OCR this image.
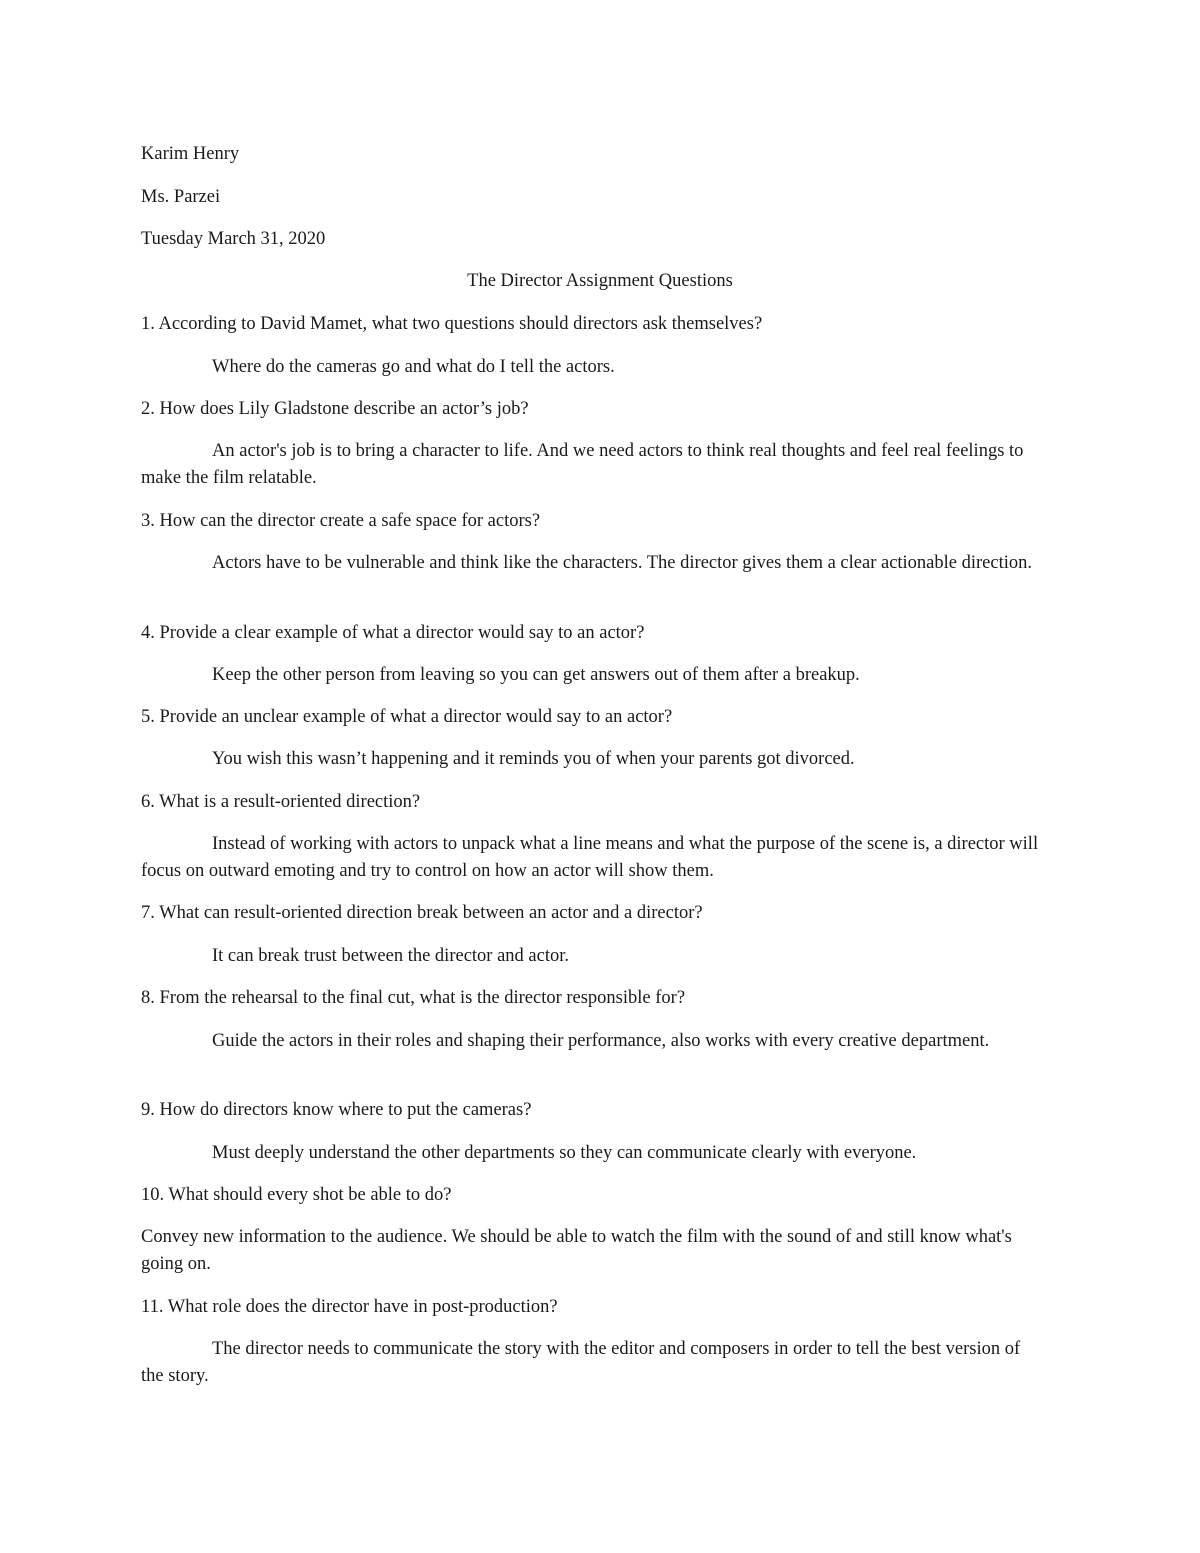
Karim Henry
Ms. Parzei
Tuesday March 31, 2020
The Director Assignment Questions
1. According to David Mamet, what two questions should directors ask themselves?
Where do the cameras go and what do I tell the actors.
2. How does Lily Gladstone describe an actor’s job?
An actor's job is to bring a character to life. And we need actors to think real thoughts and feel real feelings to make the film relatable.
3. How can the director create a safe space for actors?
Actors have to be vulnerable and think like the characters. The director gives them a clear actionable direction.
4. Provide a clear example of what a director would say to an actor?
Keep the other person from leaving so you can get answers out of them after a breakup.
5. Provide an unclear example of what a director would say to an actor?
You wish this wasn’t happening and it reminds you of when your parents got divorced.
6. What is a result-oriented direction?
Instead of working with actors to unpack what a line means and what the purpose of the scene is, a director will focus on outward emoting and try to control on how an actor will show them.
7. What can result-oriented direction break between an actor and a director?
It can break trust between the director and actor.
8. From the rehearsal to the final cut, what is the director responsible for?
Guide the actors in their roles and shaping their performance, also works with every creative department.
9. How do directors know where to put the cameras?
Must deeply understand the other departments so they can communicate clearly with everyone.
10. What should every shot be able to do?
Convey new information to the audience. We should be able to watch the film with the sound of and still know what's going on.
11. What role does the director have in post-production?
The director needs to communicate the story with the editor and composers in order to tell the best version of the story.
